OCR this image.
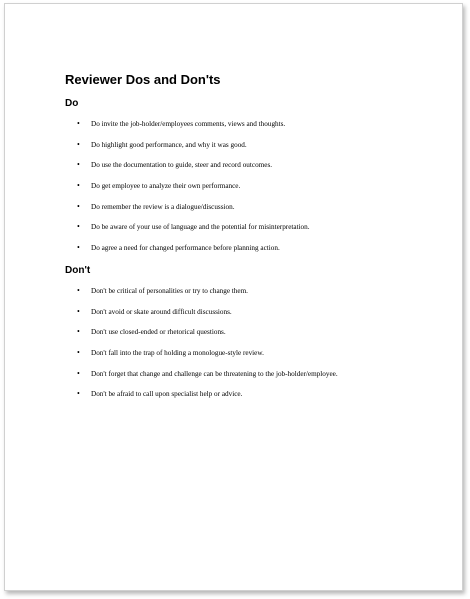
Reviewer Dos and Don'ts
Do
• Do invite the job-holder/employees comments, views and thoughts.
• Do highlight good performance, and why it was good.
• Do use the documentation to guide, steer and record outcomes.
• Do get employee to analyze their own performance.
• Do remember the review is a dialogue/discussion.
• Do be aware of your use of language and the potential for misinterpretation.
• Do agree a need for changed performance before planning action.
Don't
• Don't be critical of personalities or try to change them.
• Don't avoid or skate around difficult discussions.
• Don't use closed-ended or rhetorical questions.
• Don't fall into the trap of holding a monologue-style review.
• Don't forget that change and challenge can be threatening to the job-holder/employee.
• Don't be afraid to call upon specialist help or advice.
